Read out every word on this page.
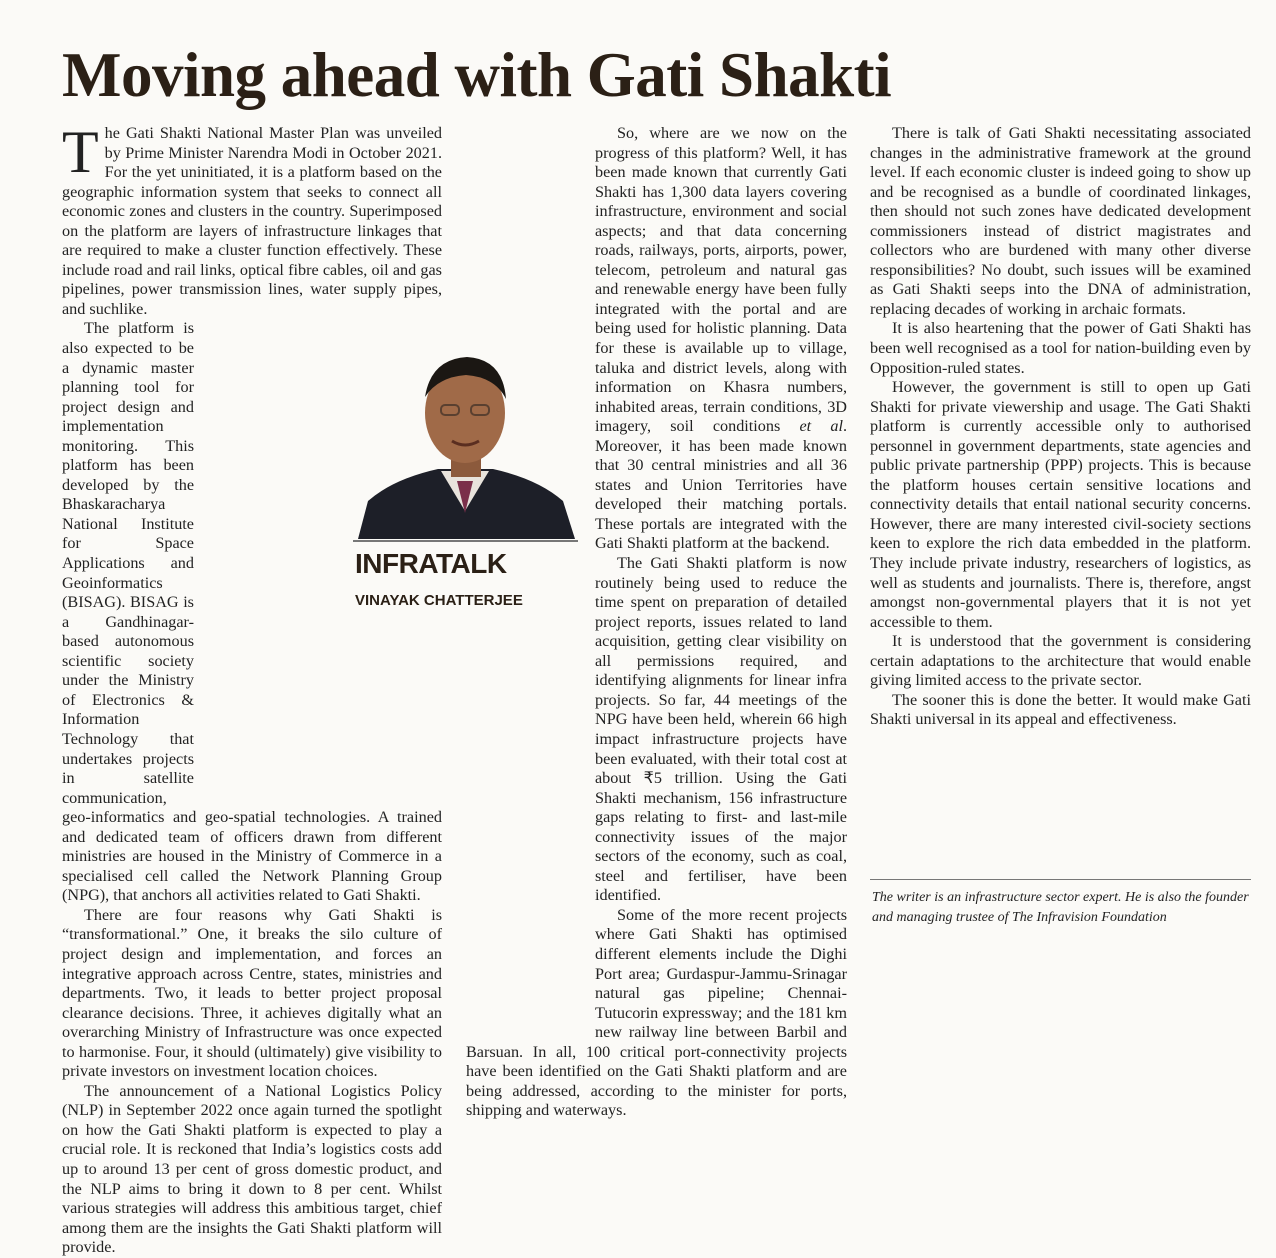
Moving ahead with Gati Shakti

The Gati Shakti National Master Plan was unveiled by Prime Minister Narendra Modi in October 2021. For the yet uninitiated, it is a platform based on the geographic information system that seeks to connect all economic zones and clusters in the country. Superimposed on the platform are layers of infrastructure linkages that are required to make a cluster function effectively. These include road and rail links, optical fibre cables, oil and gas pipelines, power transmission lines, water supply pipes, and suchlike.

The platform is also expected to be a dynamic master planning tool for project design and implementation monitoring. This platform has been developed by the Bhaskaracharya National Institute for Space Applications and Geoinformatics (BISAG). BISAG is a Gandhinagar-based autonomous scientific society under the Ministry of Electronics & Information Technology that undertakes projects in satellite communication, geo-informatics and geo-spatial technologies. A trained and dedicated team of officers drawn from different ministries are housed in the Ministry of Commerce in a specialised cell called the Network Planning Group (NPG), that anchors all activities related to Gati Shakti.

There are four reasons why Gati Shakti is “transformational.” One, it breaks the silo culture of project design and implementation, and forces an integrative approach across Centre, states, ministries and departments. Two, it leads to better project proposal clearance decisions. Three, it achieves digitally what an overarching Ministry of Infrastructure was once expected to harmonise. Four, it should (ultimately) give visibility to private investors on investment location choices.

The announcement of a National Logistics Policy (NLP) in September 2022 once again turned the spotlight on how the Gati Shakti platform is expected to play a crucial role. It is reckoned that India’s logistics costs add up to around 13 per cent of gross domestic product, and the NLP aims to bring it down to 8 per cent. Whilst various strategies will address this ambitious target, chief among them are the insights the Gati Shakti platform will provide.

So, where are we now on the progress of this platform? Well, it has been made known that currently Gati Shakti has 1,300 data layers covering infrastructure, environment and social aspects; and that data concerning roads, railways, ports, airports, power, telecom, petroleum and natural gas and renewable energy have been fully integrated with the portal and are being used for holistic planning. Data for these is available up to village, taluka and district levels, along with information on Khasra numbers, inhabited areas, terrain conditions, 3D imagery, soil conditions et al. Moreover, it has been made known that 30 central ministries and all 36 states and Union Territories have developed their matching portals. These portals are integrated with the Gati Shakti platform at the backend.

The Gati Shakti platform is now routinely being used to reduce the time spent on preparation of detailed project reports, issues related to land acquisition, getting clear visibility on all permissions required, and identifying alignments for linear infra projects. So far, 44 meetings of the NPG have been held, wherein 66 high impact infrastructure projects have been evaluated, with their total cost at about ₹5 trillion. Using the Gati Shakti mechanism, 156 infrastructure gaps relating to first- and last-mile connectivity issues of the major sectors of the economy, such as coal, steel and fertiliser, have been identified.

Some of the more recent projects where Gati Shakti has optimised different elements include the Dighi Port area; Gurdaspur-Jammu-Srinagar natural gas pipeline; Chennai-Tutucorin expressway; and the 181 km new railway line between Barbil and Barsuan. In all, 100 critical port-connectivity projects have been identified on the Gati Shakti platform and are being addressed, according to the minister for ports, shipping and waterways.

There is talk of Gati Shakti necessitating associated changes in the administrative framework at the ground level. If each economic cluster is indeed going to show up and be recognised as a bundle of coordinated linkages, then should not such zones have dedicated development commissioners instead of district magistrates and collectors who are burdened with many other diverse responsibilities? No doubt, such issues will be examined as Gati Shakti seeps into the DNA of administration, replacing decades of working in archaic formats.

It is also heartening that the power of Gati Shakti has been well recognised as a tool for nation-building even by Opposition-ruled states.

However, the government is still to open up Gati Shakti for private viewership and usage. The Gati Shakti platform is currently accessible only to authorised personnel in government departments, state agencies and public private partnership (PPP) projects. This is because the platform houses certain sensitive locations and connectivity details that entail national security concerns. However, there are many interested civil-society sections keen to explore the rich data embedded in the platform. They include private industry, researchers of logistics, as well as students and journalists. There is, therefore, angst amongst non-governmental players that it is not yet accessible to them.

It is understood that the government is considering certain adaptations to the architecture that would enable giving limited access to the private sector.

The sooner this is done the better. It would make Gati Shakti universal in its appeal and effectiveness.

INFRATALK
VINAYAK CHATTERJEE
The writer is an infrastructure sector expert. He is also the founder and managing trustee of The Infravision Foundation
